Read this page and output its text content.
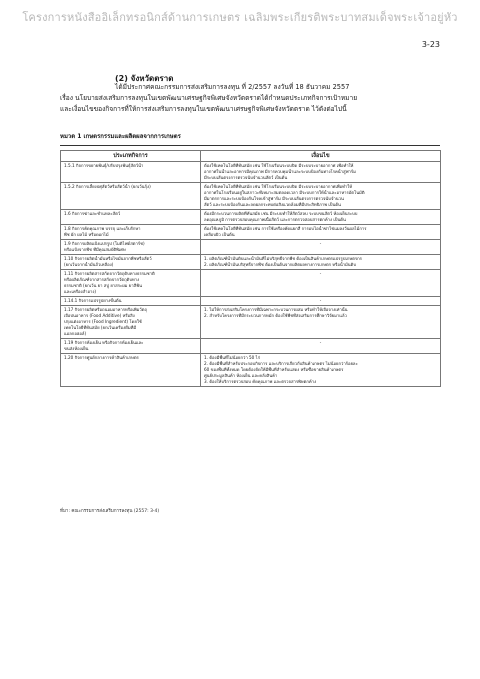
โครงการหนังสืออิเล็กทรอนิกส์ด้านการเกษตร เฉลิมพระเกียรติพระบาทสมเด็จพระเจ้าอยู่หัว
3-23
(2) จังหวัดตราด
ได้มีประกาศคณะกรรมการส่งเสริมการลงทุน ที่ 2/2557 ลงวันที่ 18 ธันวาคม 2557
เรื่อง นโยบายส่งเสริมการลงทุนในเขตพัฒนาเศรษฐกิจพิเศษจังหวัดตราดได้กำหนดประเภทกิจการเป้าหมาย
และเงื่อนไขของกิจการที่ให้การส่งเสริมการลงทุนในเขตพัฒนาเศรษฐกิจพิเศษจังหวัดตราด ไว้ดังต่อไปนี้
หมวด 1 เกษตรกรรมและผลิตผลจากการเกษตร
ประเภทกิจการ	เงื่อนไข

1.5.1 กิจการขยายพันธุ์/ปรับปรุงพันธุ์สัตว์น้ำ	ต้องใช้เทคโนโลยีที่ทันสมัย เช่น ใช้โรงเรือนระบบปิด มีระบบระบายอากาศ เพื่อทำให้
อากาศในน้ำและอาหารมีคุณภาพ มีการควบคุมน้ำและระบบป้องกันทางโรคน้ำสู่ฟาร์ม
มีระบบเส้นตรงการตรวจนับจำนวนสัตว์ เป็นต้น

1.5.2 กิจการเลี้ยงปศุสัตว์หรือสัตว์น้ำ (ยกเว้นกุ้ง)	ต้องใช้เทคโนโลยีที่ทันสมัย เช่น ใช้โรงเรือนระบบปิด มีระบบระบายอากาศเพื่อทำให้
อากาศในโรงเรือนอยู่ในสภาวะที่เหมาะสมตลอดเวลา มีระบบการให้น้ำและอาหารอัตโนมัติ
มีมาตรการและระบบป้องกันโรคเข้าสู่ฟาร์ม มีระบบเส้นตรงการตรวจนับจำนวน
สัตว์ และระบบป้องกันและลดผลกระทบต่อสิ่งแวดล้อมที่มีประสิทธิภาพ เป็นต้น

1.6 กิจการฆ่าและชำแหละสัตว์	ต้องมีกระบวนการผลิตที่ทันสมัย เช่น มีระบบทำให้สัตว์สลบ ระบบขนสัตว์ ห้องเย็นระบบ
ลดอุณหภูมิ การตรวจสอบคุณภาพเนื้อสัตว์ และการตรวจสอบสารตกค้าง เป็นต้น

1.8 กิจการคัดคุณภาพ บรรจุ และเก็บรักษา
พืช ผัก ผลไม้ หรือดอกไม้	ต้องใช้เทคโนโลยีที่ทันสมัย เช่น การใช้เครื่องคัดแยกสี การอบไอน้ำฆ่าไข่แมลงวันผลไม้การ
เคลือบผิว เป็นต้น

1.9 กิจการผลิตแป้งแปรรูป (โมดิไฟด์สตาร์ช)
หรือแป้งจากพืช ที่มีคุณสมบัติพิเศษ	-

1.10 กิจการผลิตน้ำมันหรือไขมันจากพืชหรือสัตว์
(ยกเว้นจากน้ำมันถั่วเหลือง)	1. ผลิตภัณฑ์น้ำมันดิบและน้ำมันที่ไม่บริสุทธิ์จากพืช ต้องเป็นสินค้าเกษตรแปรรูปเกษตรกร
2. ผลิตภัณฑ์น้ำมันบริสุทธิ์จากพืช ต้องเป็นต้นจากผลิตผลทางการเกษตร หรือน้ำมันดิบ

1.11 กิจการผลิตสารสกัดจากวัตถุดิบทางธรรมชาติ
หรือผลิตภัณฑ์จากสารสกัดจากวัตถุดิบทาง
ธรรมชาติ (ยกเว้น ยา สบู่ ยาสระผม ยาสีฟัน
และเครื่องสำอาง)	-

1.14.1 กิจการแปรรูปยางขั้นต้น	-

1.17 กิจการผลิตหรือถนอมอาหารหรือเพิ่มวัตถุ
เจือปนอาหาร (Food Additive) หรือสิ่ง
ปรุงแต่งอาหาร (Food Ingredient) โดยใช้
เทคโนโลยีที่ทันสมัย (ยกเว้นเครื่องดื่มที่มี
แอลกอฮอล์)	1. ไม่ให้การส่งเสริมโครงการที่มีเฉพาะกระบวนการผสม หรือทำให้เจือจางเท่านั้น
2. สำหรับโครงการที่มีกระบวนการหมัก ต้องใช้พืชที่ส่งเสริมการศึกษาวิจัยมาแล้ว

1.19 กิจการห้องเย็น หรือกิจการห้องเย็นและ
ขนส่งห้องเย็น	-

1.20 กิจการศูนย์กลางการค้าสินค้าเกษตร	1. ต้องมีพื้นที่ไม่น้อยกว่า 50 ไร่
2. ต้องมีพื้นที่สำหรับประกอบกิจการ และบริการเกี่ยวกับสินค้าเกษตร ไม่น้อยกว่าร้อยละ
60 ของพื้นที่ทั้งหมด โดยต้องจัดให้มีพื้นที่สำหรับแสดง หรือซื้อขายสินค้าเกษตร
ศูนย์ประมูลสินค้า ห้องเย็น และคลังสินค้า
3. ต้องให้บริการตรวจสอบ คัดคุณภาพ และตรวจสารพิษตกค้าง
ที่มา: คณะกรรมการส่งเสริมการลงทุน (2557: 3-4)
